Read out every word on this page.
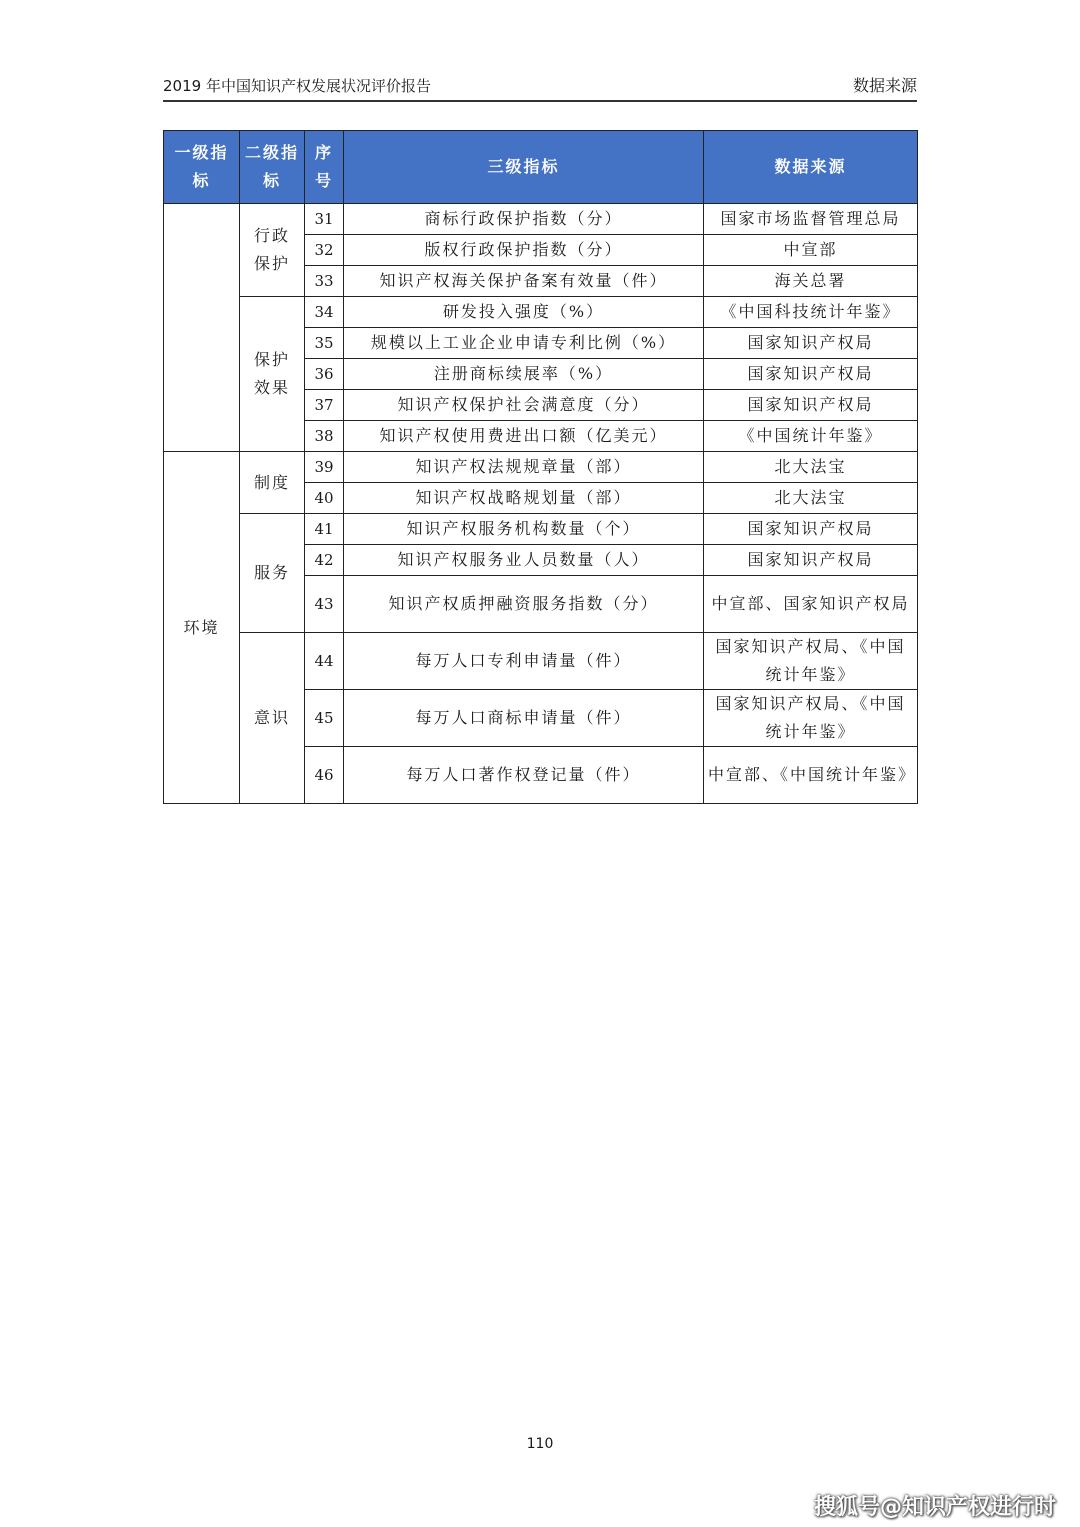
2019 年中国知识产权发展状况评价报告	数据来源
一级指标	二级指标	序号	三级指标	数据来源
	行政保护	31	商标行政保护指数（分）	国家市场监督管理总局
		32	版权行政保护指数（分）	中宣部
		33	知识产权海关保护备案有效量（件）	海关总署
	保护效果	34	研发投入强度（%）	《中国科技统计年鉴》
		35	规模以上工业企业申请专利比例（%）	国家知识产权局
		36	注册商标续展率（%）	国家知识产权局
		37	知识产权保护社会满意度（分）	国家知识产权局
		38	知识产权使用费进出口额（亿美元）	《中国统计年鉴》
环境	制度	39	知识产权法规规章量（部）	北大法宝
		40	知识产权战略规划量（部）	北大法宝
	服务	41	知识产权服务机构数量（个）	国家知识产权局
		42	知识产权服务业人员数量（人）	国家知识产权局
		43	知识产权质押融资服务指数（分）	中宣部、国家知识产权局
	意识	44	每万人口专利申请量（件）	国家知识产权局、《中国统计年鉴》
		45	每万人口商标申请量（件）	国家知识产权局、《中国统计年鉴》
		46	每万人口著作权登记量（件）	中宣部、《中国统计年鉴》
110
搜狐号@知识产权进行时
